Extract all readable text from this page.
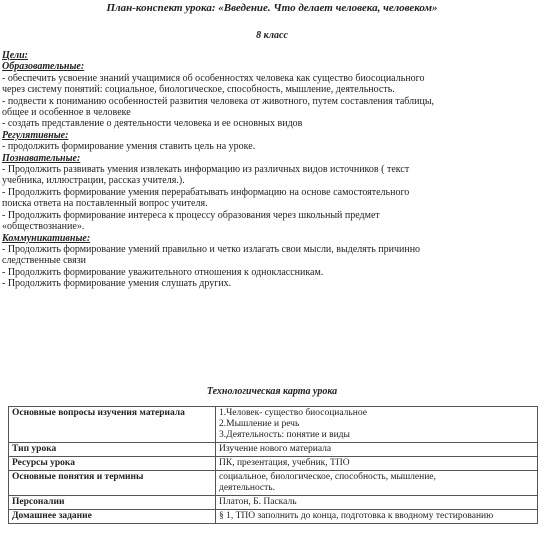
План-конспект урока: «Введение. Что делает человека, человеком»
8 класс
Цели:
Образовательные:
- обеспечить усвоение знаний учащимися об особенностях человека как существо биосоциального
через систему понятий: социальное, биологическое, способность, мышление, деятельность.
- подвести к пониманию особенностей развития человека от животного, путем составления таблицы,
общее и особенное в человеке
- создать представление о деятельности человека и ее основных видов
Регулятивные:
- продолжить формирование умения ставить цель на уроке.
Познавательные:
- Продолжить развивать умения извлекать информацию из различных видов источников ( текст
учебника, иллюстрации, рассказ учителя.).
- Продолжить формирование умения перерабатывать информацию на основе самостоятельного
поиска ответа на поставленный вопрос учителя.
- Продолжить формирование интереса к процессу образования через школьный предмет
«обществознание».
Коммуникативные:
- Продолжить формирование умений правильно и четко излагать свои мысли, выделять причинно
следственные связи
- Продолжить формирование уважительного отношения к одноклассникам.
- Продолжить формирование умения слушать других.
Технологическая карта урока
Основные вопросы изучения материала	1.Человек- существо биосоциальное
2.Мышление и речь
3.Деятельность: понятие и виды

Тип урока	Изучение нового материала

Ресурсы урока	ПК, презентация, учебник, ТПО

Основные понятия и термины	социальное, биологическое, способность, мышление,
деятельность.

Персоналии	Платон, Б. Паскаль

Домашнее задание	§ 1, ТПО заполнить до конца, подготовка к вводному тестированию
